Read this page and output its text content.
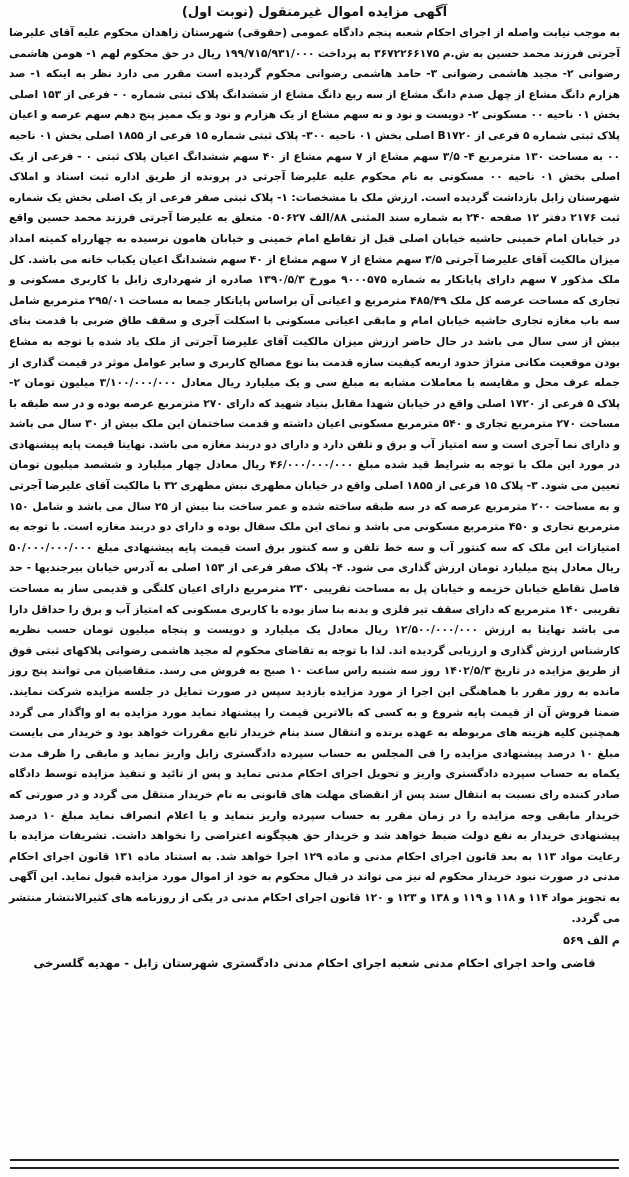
آگهی مزایده اموال غیرمنقول (نوبت اول)

به موجب نیابت واصله از اجرای احکام شعبه پنجم دادگاه عمومی (حقوقی) شهرستان زاهدان محکوم علیه آقای علیرضا آجرتی فرزند محمد حسین به ش.م ۳۶۷۲۲۶۶۱۷۵ به پرداخت ۱۹۹/۷۱۵/۹۳۱/۰۰۰ ریال در حق محکوم لهم ۱- هومن هاشمی رضوانی ۲- مجید هاشمی رضوانی ۳- حامد هاشمی رضوانی محکوم گردیده است مقرر می دارد نظر به اینکه ۱- صد هزارم دانگ مشاع از چهل صدم دانگ مشاع از سه ربع دانگ مشاع از ششدانگ پلاک ثبتی شماره ۰ - فرعی از ۱۵۳ اصلی بخش ۰۱ ناحیه ۰۰ مسکونی ۲- دویست و نود و نه سهم مشاع از یک هزارم و نود و یک ممیز پنج دهم سهم عرصه و اعیان پلاک ثبتی شماره ۵ فرعی از B۱۷۲۰ اصلی بخش ۰۱ ناحیه ۳۰۰- پلاک ثبتی شماره ۱۵ فرعی از ۱۸۵۵ اصلی بخش ۰۱ ناحیه ۰۰ به مساحت ۱۳۰ مترمربع ۴- ۳/۵ سهم مشاع از ۷ سهم مشاع از ۴۰ سهم ششدانگ اعیان پلاک ثبتی ۰ - فرعی از یک اصلی بخش ۰۱ ناحیه ۰۰ مسکونی به نام محکوم علیه علیرضا آجرتی در پرونده از طریق اداره ثبت اسناد و املاک شهرستان زابل بازداشت گردیده است. ارزش ملک با مشخصات: ۱- پلاک ثبتی صفر فرعی از یک اصلی بخش یک شماره ثبت ۲۱۷۶ دفتر ۱۲ صفحه ۲۴۰ به شماره سند المثنی ۸۸/الف ۰۵۰۶۲۷ متعلق به علیرضا آجرتی فرزند محمد حسین واقع در خیابان امام خمینی حاشیه خیابان اصلی قبل از تقاطع امام خمینی و خیابان هامون نرسیده به چهارراه کمیته امداد میزان مالکیت آقای علیرضا آجرتی ۳/۵ سهم مشاع از ۷ سهم مشاع از ۴۰ سهم ششدانگ اعیان یکباب خانه می باشد. کل ملک مذکور ۷ سهم دارای پایانکار به شماره ۹۰۰۰۵۷۵ مورخ ۱۳۹۰/۵/۳ صادره از شهرداری زابل با کاربری مسکونی و تجاری که مساحت عرصه کل ملک ۴۸۵/۴۹ مترمربع و اعیانی آن براساس پایانکار جمعا به مساحت ۲۹۵/۰۱ مترمربع شامل سه باب مغازه تجاری حاشیه خیابان امام و مابقی اعیانی مسکونی با اسکلت آجری و سقف طاق ضربی با قدمت بنای بیش از سی سال می باشد در حال حاضر ارزش میزان مالکیت آقای علیرضا آجرتی از ملک یاد شده با توجه به مشاع بودن موقعیت مکانی متراژ حدود اربعه کیفیت سازه قدمت بنا نوع مصالح کاربری و سایر عوامل موثر در قیمت گذاری از جمله عرف محل و مقایسه با معاملات مشابه به مبلغ سی و یک میلیارد ریال معادل ۳/۱۰۰/۰۰۰/۰۰۰ میلیون تومان ۲- پلاک ۵ فرعی از ۱۷۲۰ اصلی واقع در خیابان شهدا مقابل بنیاد شهید که دارای ۲۷۰ مترمربع عرصه بوده و در سه طبقه با مساحت ۲۷۰ مترمربع تجاری و ۵۴۰ مترمربع مسکونی اعیان داشته و قدمت ساختمان این ملک بیش از ۳۰ سال می باشد و دارای نما آجری است و سه امتیاز آب و برق و تلفن دارد و دارای دو دربند مغازه می باشد. نهایتا قیمت پایه پیشنهادی در مورد این ملک با توجه به شرایط قید شده مبلغ ۴۶/۰۰۰/۰۰۰/۰۰۰ ریال معادل چهار میلیارد و ششصد میلیون تومان تعیین می شود. ۳- پلاک ۱۵ فرعی از ۱۸۵۵ اصلی واقع در خیابان مطهری نبش مطهری ۳۲ با مالکیت آقای علیرضا آجرتی و به مساحت ۲۰۰ مترمربع عرصه که در سه طبقه ساخته شده و عمر ساخت بنا بیش از ۲۵ سال می باشد و شامل ۱۵۰ مترمربع تجاری و ۴۵۰ مترمربع مسکونی می باشد و نمای این ملک سفال بوده و دارای دو دربند مغازه است. با توجه به امتیازات این ملک که سه کنتور آب و سه خط تلفن و سه کنتور برق است قیمت پایه پیشنهادی مبلغ ۵۰/۰۰۰/۰۰۰/۰۰۰ ریال معادل پنج میلیارد تومان ارزش گذاری می شود. ۴- پلاک صفر فرعی از ۱۵۳ اصلی به آدرس خیابان بیرجندیها - حد فاصل تقاطع خیابان خزیمه و خیابان پل به مساحت تقریبی ۲۳۰ مترمربع دارای اعیان کلنگی و قدیمی ساز به مساحت تقریبی ۱۴۰ مترمربع که دارای سقف تیر فلزی و بدنه بنا ساز بوده با کاربری مسکونی که امتیاز آب و برق را حداقل دارا می باشد نهایتا به ارزش ۱۲/۵۰۰/۰۰۰/۰۰۰ ریال معادل یک میلیارد و دویست و پنجاه میلیون تومان حسب نظریه کارشناس ارزش گذاری و ارزیابی گردیده اند. لذا با توجه به تقاضای محکوم له مجید هاشمی رضوانی پلاکهای ثبتی فوق از طریق مزایده در تاریخ ۱۴۰۲/۵/۳ روز سه شنبه راس ساعت ۱۰ صبح به فروش می رسد. متقاضیان می توانند پنج روز مانده به روز مقرر با هماهنگی این اجرا از مورد مزایده بازدید سپس در صورت تمایل در جلسه مزایده شرکت نمایند. ضمنا فروش آن از قیمت پایه شروع و به کسی که بالاترین قیمت را پیشنهاد نماید مورد مزایده به او واگذار می گردد همچنین کلیه هزینه های مربوطه به عهده برنده و انتقال سند بنام خریدار تابع مقررات خواهد بود و خریدار می بایست مبلغ ۱۰ درصد پیشنهادی مزایده را فی المجلس به حساب سپرده دادگستری زابل واریز نماید و مابقی را ظرف مدت یکماه به حساب سپرده دادگستری واریز و تحویل اجرای احکام مدنی نماید و پس از تائید و تنفیذ مزایده توسط دادگاه صادر کننده رای نسبت به انتقال سند پس از انقضای مهلت های قانونی به نام خریدار منتقل می گردد و در صورتی که خریدار مابقی وجه مزایده را در زمان مقرر به حساب سپرده واریز ننماید و یا اعلام انصراف نماید مبلغ ۱۰ درصد پیشنهادی خریدار به نفع دولت ضبط خواهد شد و خریدار حق هیچگونه اعتراضی را نخواهد داشت. تشریفات مزایده با رعایت مواد ۱۱۳ به بعد قانون اجرای احکام مدنی و ماده ۱۲۹ اجرا خواهد شد. به استناد ماده ۱۳۱ قانون اجرای احکام مدنی در صورت نبود خریدار محکوم له نیز می تواند در قبال محکوم به خود از اموال مورد مزایده قبول نماید. این آگهی به تجویز مواد ۱۱۴ و ۱۱۸ و ۱۱۹ و ۱۳۸ و ۱۲۳ و ۱۲۰ قانون اجرای احکام مدنی در یکی از روزنامه های کثیرالانتشار منتشر می گردد.

م الف ۵۶۹
قاضی واحد اجرای احکام مدنی شعبه اجرای احکام مدنی دادگستری شهرستان زابل - مهدیه گلسرخی
